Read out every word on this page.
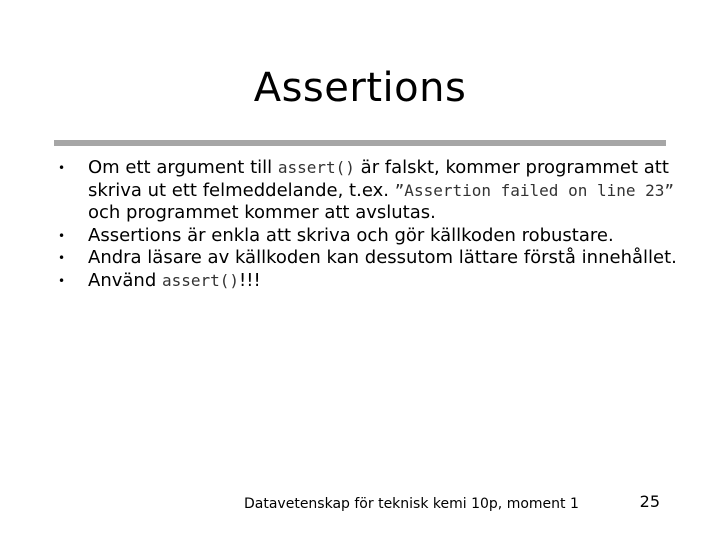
Assertions
• Om ett argument till assert() är falskt, kommer programmet att skriva ut ett felmeddelande, t.ex. ”Assertion failed on line 23” och programmet kommer att avslutas.
• Assertions är enkla att skriva och gör källkoden robustare.
• Andra läsare av källkoden kan dessutom lättare förstå innehållet.
• Använd assert()!!!
Datavetenskap för teknisk kemi 10p, moment 1	25
